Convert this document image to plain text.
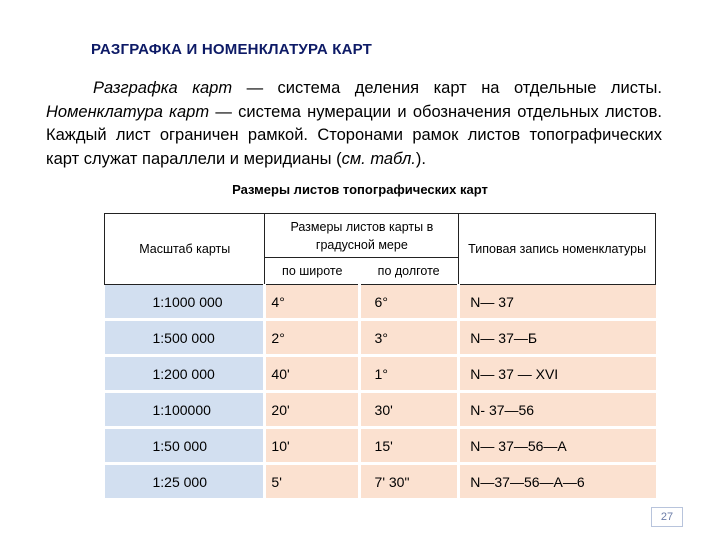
РАЗГРАФКА И НОМЕНКЛАТУРА КАРТ

Разграфка карт — система деления карт на отдельные листы. Номенклатура карт — система нумерации и обозначения отдельных листов. Каждый лист ограничен рамкой. Сторонами рамок листов топографических карт служат параллели и меридианы (см. табл.).

Размеры листов топографических карт
Масштаб карты	Размеры листов карты в градусной мере		Типовая запись номенклатуры
	по широте	по долготе	
1:1000 000	4°	6°	N— 37
1:500 000	2°	3°	N— 37—Б
1:200 000	40'	1°	N— 37 — XVI
1:100000	20'	30'	N- 37—56
1:50 000	10'	15'	N— 37—56—А
1:25 000	5'	7' 30"	N—37—56—А—6
27
